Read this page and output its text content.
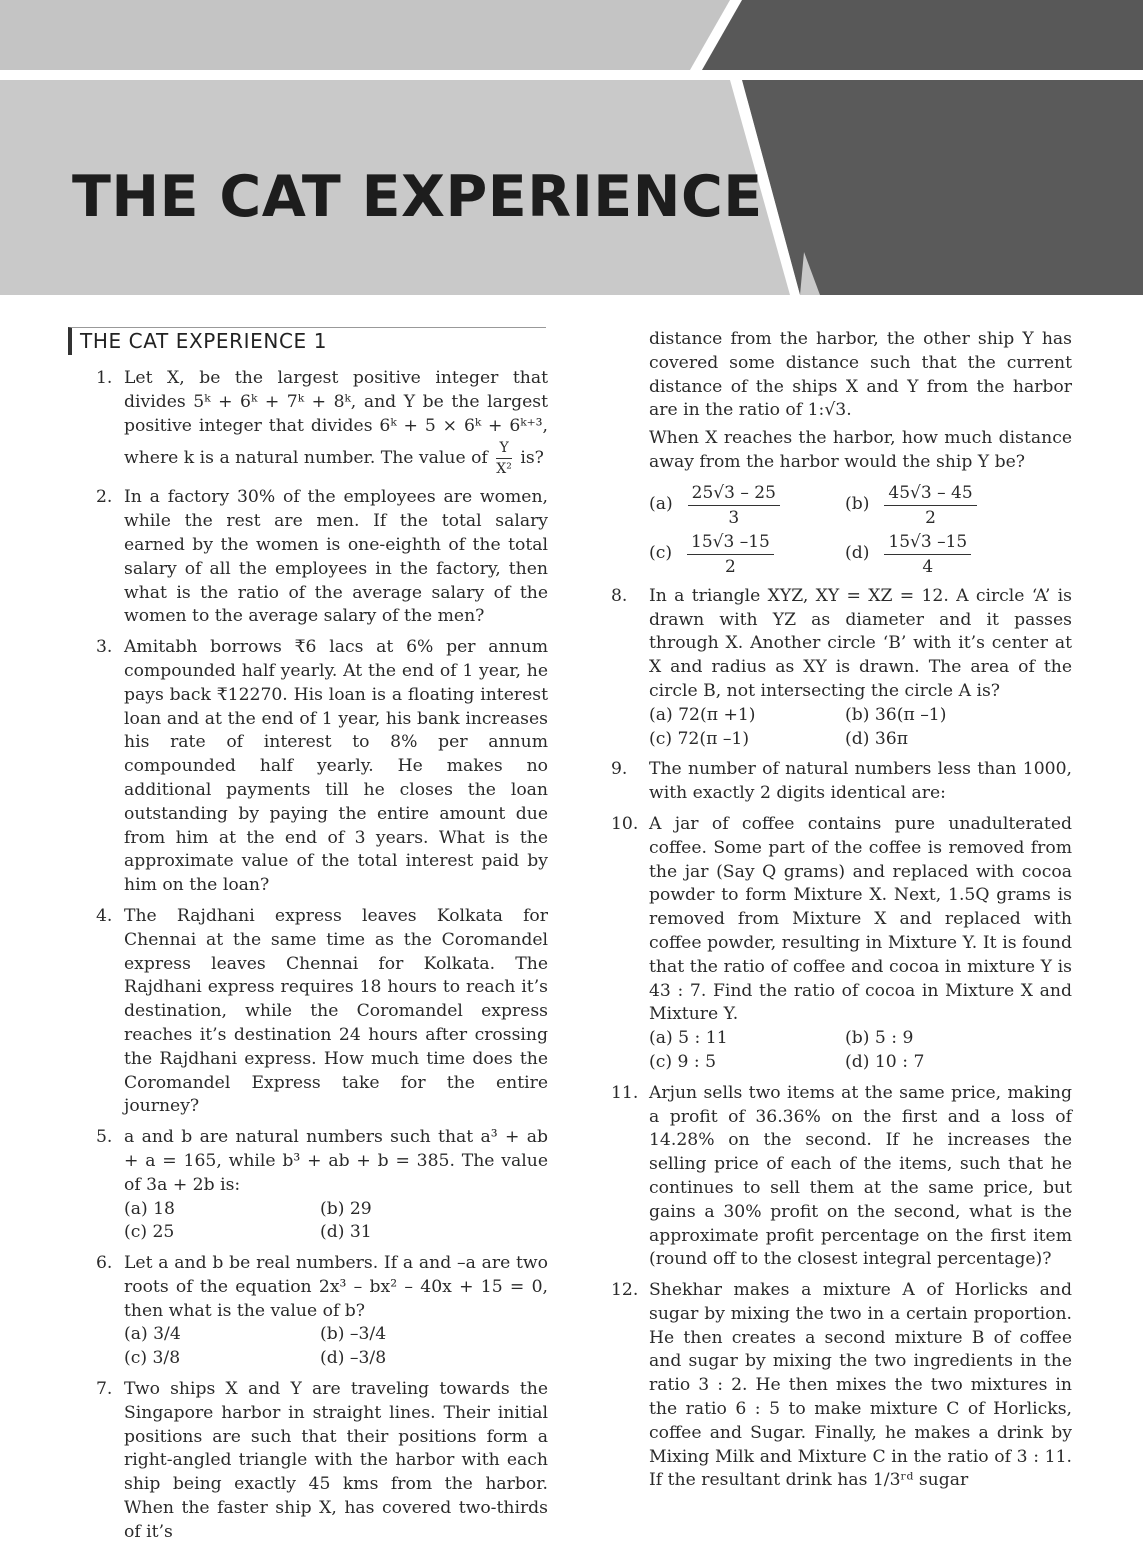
THE CAT EXPERIENCE
THE CAT EXPERIENCE 1
1. Let X, be the largest positive integer that divides 5ᵏ + 6ᵏ + 7ᵏ + 8ᵏ, and Y be the largest positive integer that divides 6ᵏ + 5 × 6ᵏ + 6ᵏ⁺³, where k is a natural number. The value of $\frac{Y}{\text{X²}}$ is?
2. In a factory 30% of the employees are women, while the rest are men. If the total salary earned by the women is one-eighth of the total salary of all the employees in the factory, then what is the ratio of the average salary of the women to the average salary of the men?
3. Amitabh borrows ₹6 lacs at 6% per annum compounded half yearly. At the end of 1 year, he pays back ₹12270. His loan is a floating interest loan and at the end of 1 year, his bank increases his rate of interest to 8% per annum compounded half yearly. He makes no additional payments till he closes the loan outstanding by paying the entire amount due from him at the end of 3 years. What is the approximate value of the total interest paid by him on the loan?
4. The Rajdhani express leaves Kolkata for Chennai at the same time as the Coromandel express leaves Chennai for Kolkata. The Rajdhani express requires 18 hours to reach it’s destination, while the Coromandel express reaches it’s destination 24 hours after crossing the Rajdhani express. How much time does the Coromandel Express take for the entire journey?
5. a and b are natural numbers such that a³ + ab + a = 165, while b³ + ab + b = 385. The value of 3a + 2b is:
(a) 18	(b) 29
(c) 25	(d) 31
6. Let a and b be real numbers. If a and –a are two roots of the equation 2x³ – bx² – 40x + 15 = 0, then what is the value of b?
(a) 3/4	(b) –3/4
(c) 3/8	(d) –3/8
7. Two ships X and Y are traveling towards the Singapore harbor in straight lines. Their initial positions are such that their positions form a right-angled triangle with the harbor with each ship being exactly 45 kms from the harbor. When the faster ship X, has covered two-thirds of it’s

distance from the harbor, the other ship Y has covered some distance such that the current distance of the ships X and Y from the harbor are in the ratio of 1:√3.

When X reaches the harbor, how much distance away from the harbor would the ship Y be?

$(a) \frac{25√3 - 25}{3}$	$(b) \frac{45√3 - 45}{2}$
$(c) \frac{15√3 -15}{2}$	$(d) \frac{15√3 -15}{4}$
8. In a triangle XYZ, XY = XZ = 12. A circle ‘A’ is drawn with YZ as diameter and it passes through X. Another circle ‘B’ with it’s center at X and radius as XY is drawn. The area of the circle B, not intersecting the circle A is?
(a) 72(π +1)	(b) 36(π –1)
(c) 72(π –1)	(d) 36π
9. The number of natural numbers less than 1000, with exactly 2 digits identical are:
10. A jar of coffee contains pure unadulterated coffee. Some part of the coffee is removed from the jar (Say Q grams) and replaced with cocoa powder to form Mixture X. Next, 1.5Q grams is removed from Mixture X and replaced with coffee powder, resulting in Mixture Y. It is found that the ratio of coffee and cocoa in mixture Y is 43 : 7. Find the ratio of cocoa in Mixture X and Mixture Y.
(a) 5 : 11	(b) 5 : 9
(c) 9 : 5	(d) 10 : 7
11. Arjun sells two items at the same price, making a profit of 36.36% on the first and a loss of 14.28% on the second. If he increases the selling price of each of the items, such that he continues to sell them at the same price, but gains a 30% profit on the second, what is the approximate profit percentage on the first item (round off to the closest integral percentage)?
12. Shekhar makes a mixture A of Horlicks and sugar by mixing the two in a certain proportion. He then creates a second mixture B of coffee and sugar by mixing the two ingredients in the ratio 3 : 2. He then mixes the two mixtures in the ratio 6 : 5 to make mixture C of Horlicks, coffee and Sugar. Finally, he makes a drink by Mixing Milk and Mixture C in the ratio of 3 : 11. If the resultant drink has 1/3ʳᵈ sugar
